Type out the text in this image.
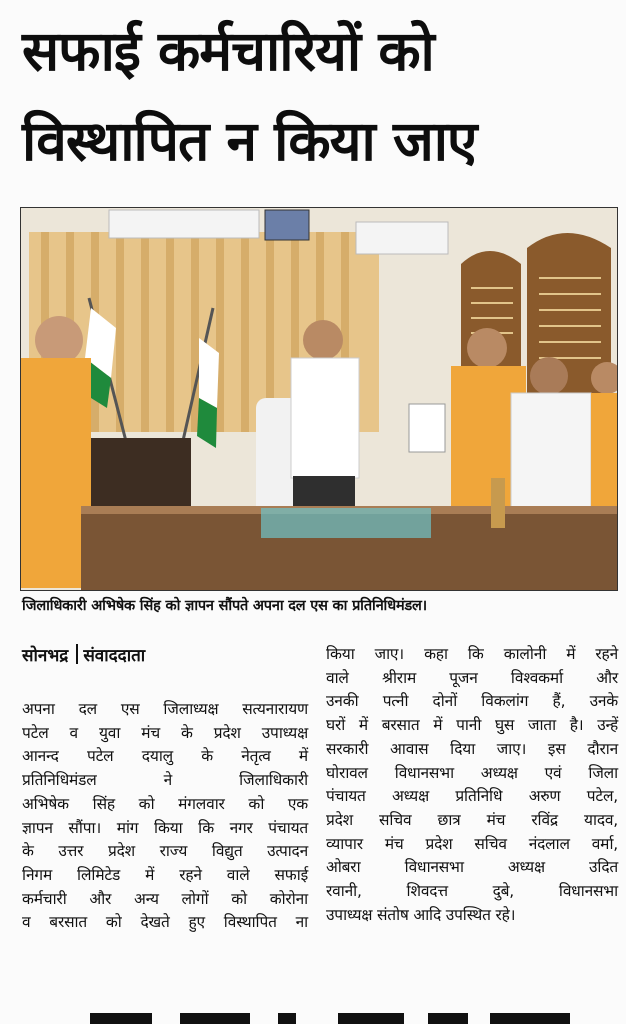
सफाई कर्मचारियों को
विस्थापित न किया जाए
जिलाधिकारी अभिषेक सिंह को ज्ञापन सौंपते अपना दल एस का प्रतिनिधिमंडल।
सोनभद्र संवाददाता

अपना दल एस जिलाध्यक्ष सत्यनारायण

पटेल व युवा मंच के प्रदेश उपाध्यक्ष

आनन्द पटेल दयालु के नेतृत्व में

प्रतिनिधिमंडल ने जिलाधिकारी

अभिषेक सिंह को मंगलवार को एक

ज्ञापन सौंपा। मांग किया कि नगर पंचायत

के उत्तर प्रदेश राज्य विद्युत उत्पादन

निगम लिमिटेड में रहने वाले सफाई

कर्मचारी और अन्य लोगों को कोरोना

व बरसात को देखते हुए विस्थापित ना

किया जाए। कहा कि कालोनी में रहने

वाले श्रीराम पूजन विश्वकर्मा और

उनकी पत्नी दोनों विकलांग हैं, उनके

घरों में बरसात में पानी घुस जाता है। उन्हें

सरकारी आवास दिया जाए। इस दौरान

घोरावल विधानसभा अध्यक्ष एवं जिला

पंचायत अध्यक्ष प्रतिनिधि अरुण पटेल,

प्रदेश सचिव छात्र मंच रविंद्र यादव,

व्यापार मंच प्रदेश सचिव नंदलाल वर्मा,

ओबरा विधानसभा अध्यक्ष उदित

रवानी, शिवदत्त दुबे, विधानसभा

उपाध्यक्ष संतोष आदि उपस्थित रहे।
